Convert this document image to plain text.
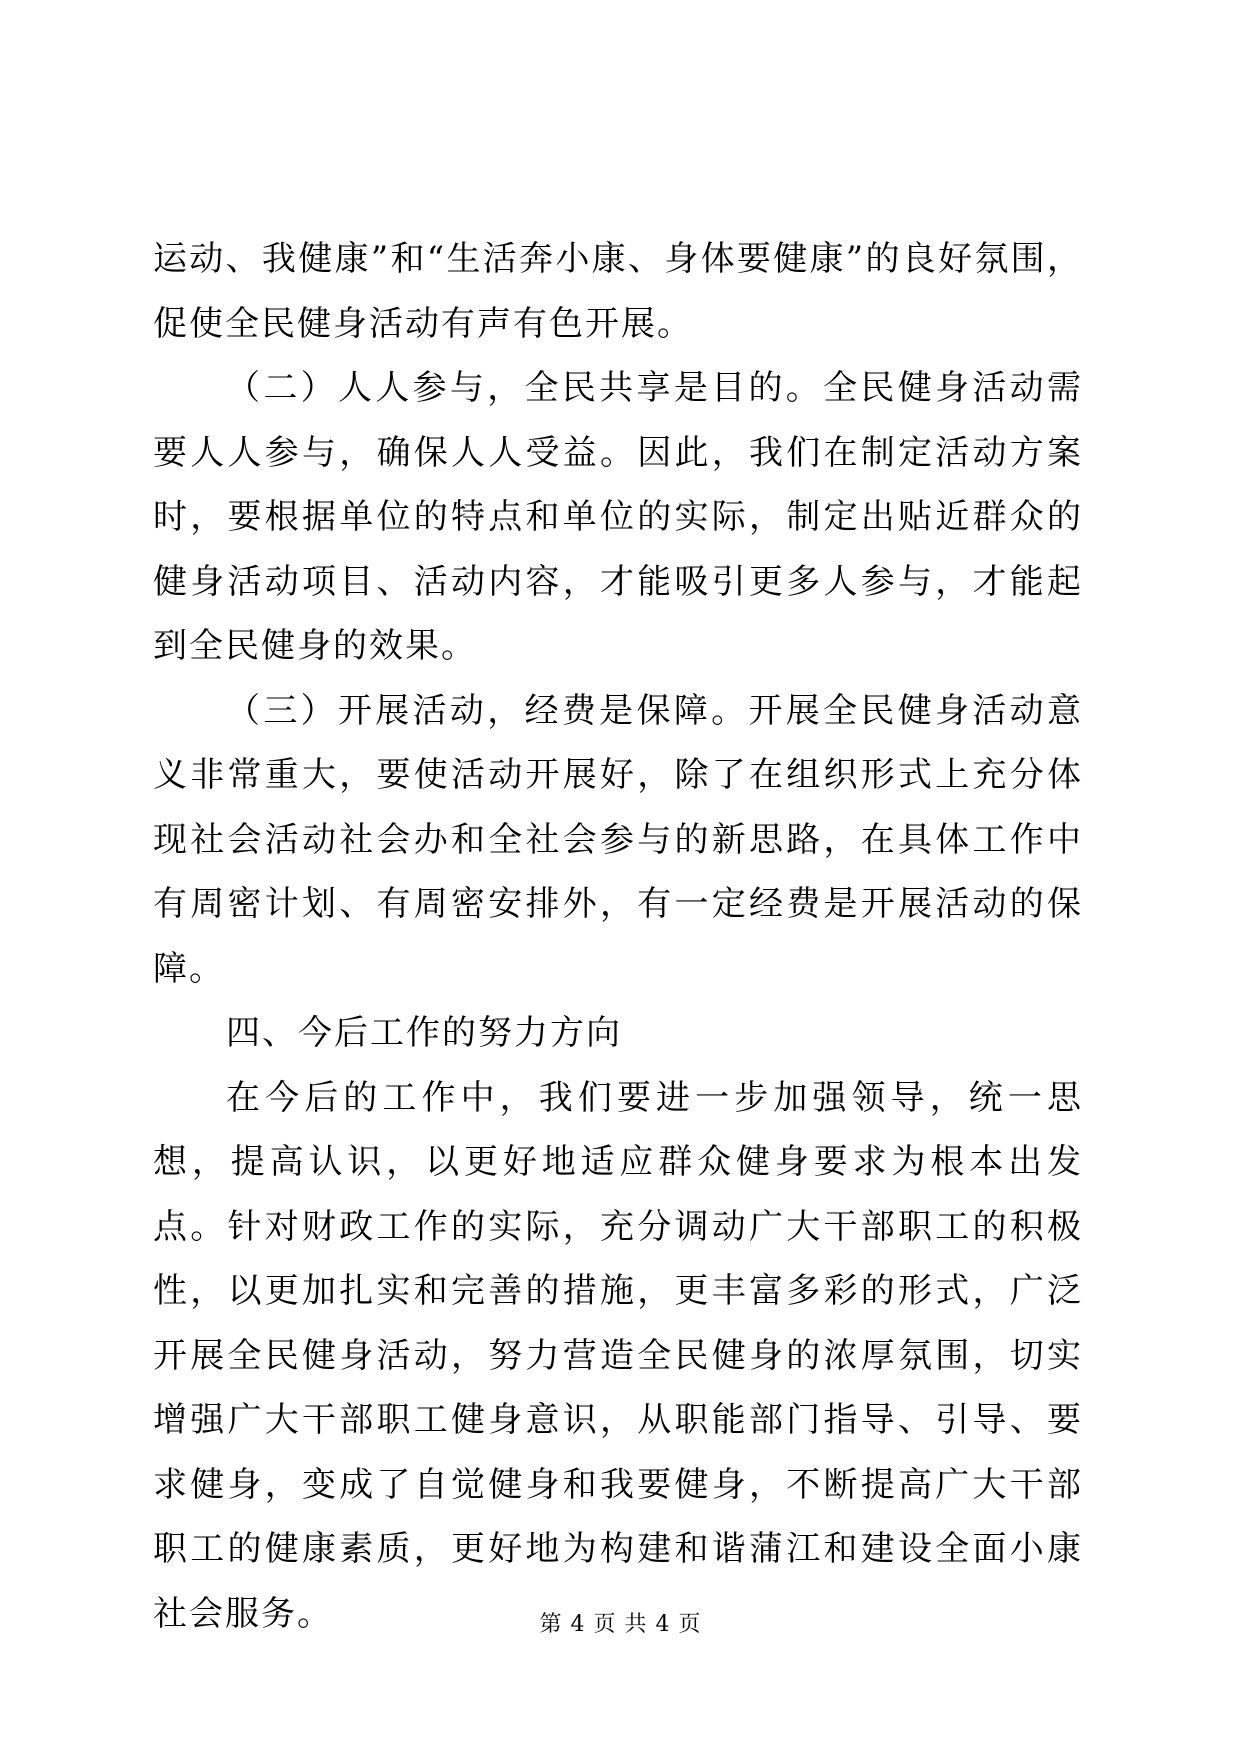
运动、我健康”和“生活奔小康、身体要健康”的良好氛围，促使全民健身活动有声有色开展。

（二）人人参与，全民共享是目的。全民健身活动需要人人参与，确保人人受益。因此，我们在制定活动方案时，要根据单位的特点和单位的实际，制定出贴近群众的健身活动项目、活动内容，才能吸引更多人参与，才能起到全民健身的效果。

（三）开展活动，经费是保障。开展全民健身活动意义非常重大，要使活动开展好，除了在组织形式上充分体现社会活动社会办和全社会参与的新思路，在具体工作中有周密计划、有周密安排外，有一定经费是开展活动的保障。

四、今后工作的努力方向

在今后的工作中，我们要进一步加强领导，统一思想，提高认识，以更好地适应群众健身要求为根本出发点。针对财政工作的实际，充分调动广大干部职工的积极性，以更加扎实和完善的措施，更丰富多彩的形式，广泛开展全民健身活动，努力营造全民健身的浓厚氛围，切实增强广大干部职工健身意识，从职能部门指导、引导、要求健身，变成了自觉健身和我要健身，不断提高广大干部职工的健康素质，更好地为构建和谐蒲江和建设全面小康社会服务。	第 4 页 共 4 页
